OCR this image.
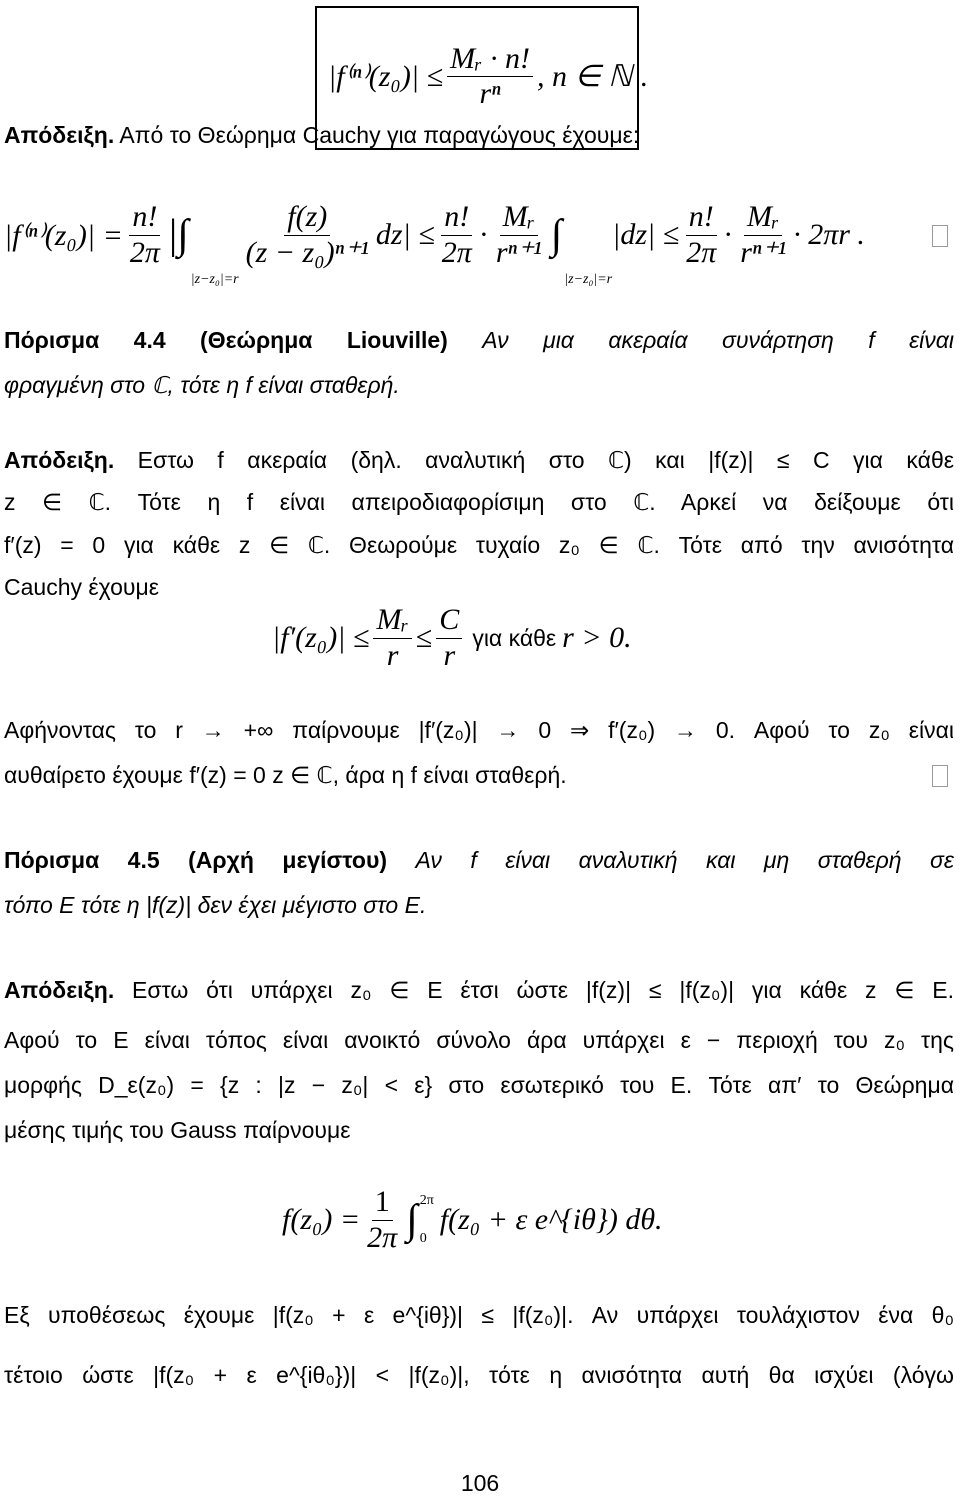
$|f^{(n)}(z_0)| \le \frac{\text{Mᵣ · n!}}{\text{rⁿ}}$ , n ∈ ℕ .
Απόδειξη. Από το Θεώρημα Cauchy για παραγώγους έχουμε:
$|f^{(n)}(z_0)| = \frac{n!}{2\pi}$ |∫
|z−z₀|=r
$\frac{f(z)}{\text{(z − z₀)ⁿ⁺¹}} dz| \le \frac{n!}{2\pi} \cdot \frac{\text{Mᵣ}}{\text{rⁿ⁺¹}}$ ∫
|z−z₀|=r
$|dz| \le \frac{n!}{2\pi} \cdot \frac{\text{Mᵣ}}{\text{rⁿ⁺¹}} \cdot 2\pi r$ .
Πόρισμα 4.4 (Θεώρημα Liouville) Αν μια ακεραία συνάρτηση f είναι
φραγμένη στο ℂ, τότε η f είναι σταθερή.
Απόδειξη. Εστω f ακεραία (δηλ. αναλυτική στο ℂ) και |f(z)| ≤ C για κάθε
z ∈ ℂ. Τότε η f είναι απειροδιαφορίσιμη στο ℂ. Αρκεί να δείξουμε ότι
f′(z) = 0 για κάθε z ∈ ℂ. Θεωρούμε τυχαίο z₀ ∈ ℂ. Τότε από την ανισότητα
Cauchy έχουμε
$|f'(z_0)| \le \frac{\text{Mᵣ}}{r} \le \frac{C}{r}$ για κάθε r > 0.
Αφήνοντας το r → +∞ παίρνουμε |f′(z₀)| → 0 ⇒ f′(z₀) → 0. Αφού το z₀ είναι
αυθαίρετο έχουμε f′(z) = 0 z ∈ ℂ, άρα η f είναι σταθερή.
Πόρισμα 4.5 (Αρχή μεγίστου) Αν f είναι αναλυτική και μη σταθερή σε
τόπο E τότε η |f(z)| δεν έχει μέγιστο στο E.
Απόδειξη. Εστω ότι υπάρχει z₀ ∈ E έτσι ώστε |f(z)| ≤ |f(z₀)| για κάθε z ∈ E.
Αφού το E είναι τόπος είναι ανοικτό σύνολο άρα υπάρχει ε − περιοχή του z₀ της
μορφής D_ε(z₀) = {z : |z − z₀| < ε} στο εσωτερικό του E. Τότε απ′ το Θεώρημα
μέσης τιμής του Gauss παίρνουμε
$f(z_0) = \frac{1}{2\pi}$ ∫ 2π
0
f(z₀ + ε e^{iθ}) dθ.
Εξ υποθέσεως έχουμε |f(z₀ + ε e^{iθ})| ≤ |f(z₀)|. Αν υπάρχει τουλάχιστον ένα θ₀
τέτοιο ώστε |f(z₀ + ε e^{iθ₀})| < |f(z₀)|, τότε η ανισότητα αυτή θα ισχύει (λόγω
106
